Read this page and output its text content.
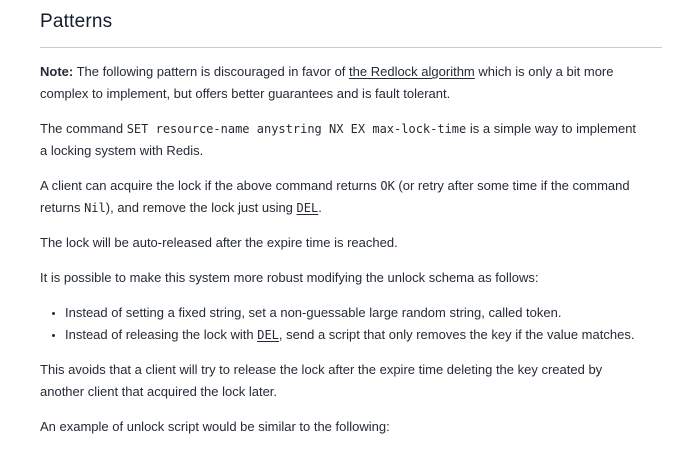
Patterns

Note: The following pattern is discouraged in favor of the Redlock algorithm which is only a bit more complex to implement, but offers better guarantees and is fault tolerant.

The command SET resource-name anystring NX EX max-lock-time is a simple way to implement a locking system with Redis.

A client can acquire the lock if the above command returns OK (or retry after some time if the command returns Nil), and remove the lock just using DEL.

The lock will be auto-released after the expire time is reached.

It is possible to make this system more robust modifying the unlock schema as follows:

• Instead of setting a fixed string, set a non-guessable large random string, called token.
• Instead of releasing the lock with DEL, send a script that only removes the key if the value matches.

This avoids that a client will try to release the lock after the expire time deleting the key created by another client that acquired the lock later.

An example of unlock script would be similar to the following:
